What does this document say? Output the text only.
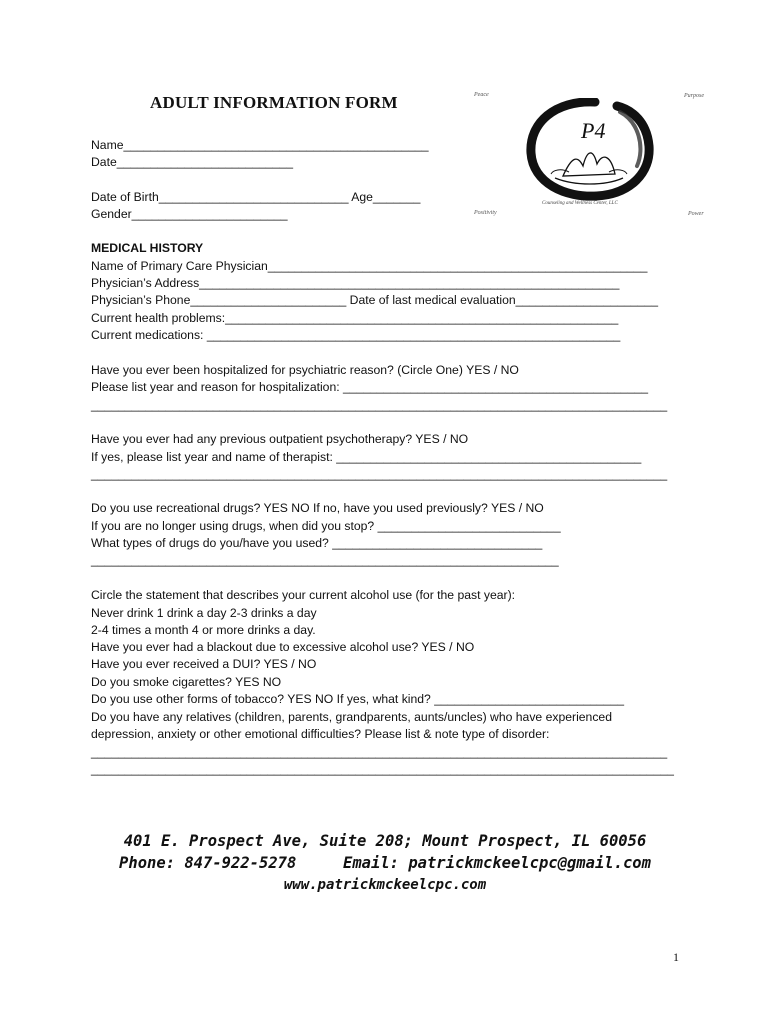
ADULT INFORMATION FORM	Peace	Purpose
Positivity	Power
P4
Counseling and Wellness Center, LLC
Name_____________________________________________
Date__________________________
Date of Birth____________________________ Age_______
Gender_______________________
MEDICAL HISTORY
Name of Primary Care Physician________________________________________________________
Physician’s Address______________________________________________________________
Physician’s Phone_______________________ Date of last medical evaluation_____________________
Current health problems:__________________________________________________________
Current medications: _____________________________________________________________
Have you ever been hospitalized for psychiatric reason? (Circle One) YES / NO
Please list year and reason for hospitalization: _____________________________________________
_____________________________________________________________________________________
Have you ever had any previous outpatient psychotherapy? YES / NO
If yes, please list year and name of therapist: _____________________________________________
_____________________________________________________________________________________
Do you use recreational drugs? YES NO If no, have you used previously? YES / NO
If you are no longer using drugs, when did you stop? ___________________________
What types of drugs do you/have you used? _______________________________
_____________________________________________________________________
Circle the statement that describes your current alcohol use (for the past year):
Never drink 1 drink a day 2-3 drinks a day
2-4 times a month 4 or more drinks a day.
Have you ever had a blackout due to excessive alcohol use? YES / NO
Have you ever received a DUI? YES / NO
Do you smoke cigarettes? YES NO
Do you use other forms of tobacco? YES NO If yes, what kind? ____________________________
Do you have any relatives (children, parents, grandparents, aunts/uncles) who have experienced
depression, anxiety or other emotional difficulties? Please list & note type of disorder:
_____________________________________________________________________________________
______________________________________________________________________________________
401 E. Prospect Ave, Suite 208; Mount Prospect, IL 60056
Phone: 847-922-5278     Email: patrickmckeelcpc@gmail.com
www.patrickmckeelcpc.com
1
